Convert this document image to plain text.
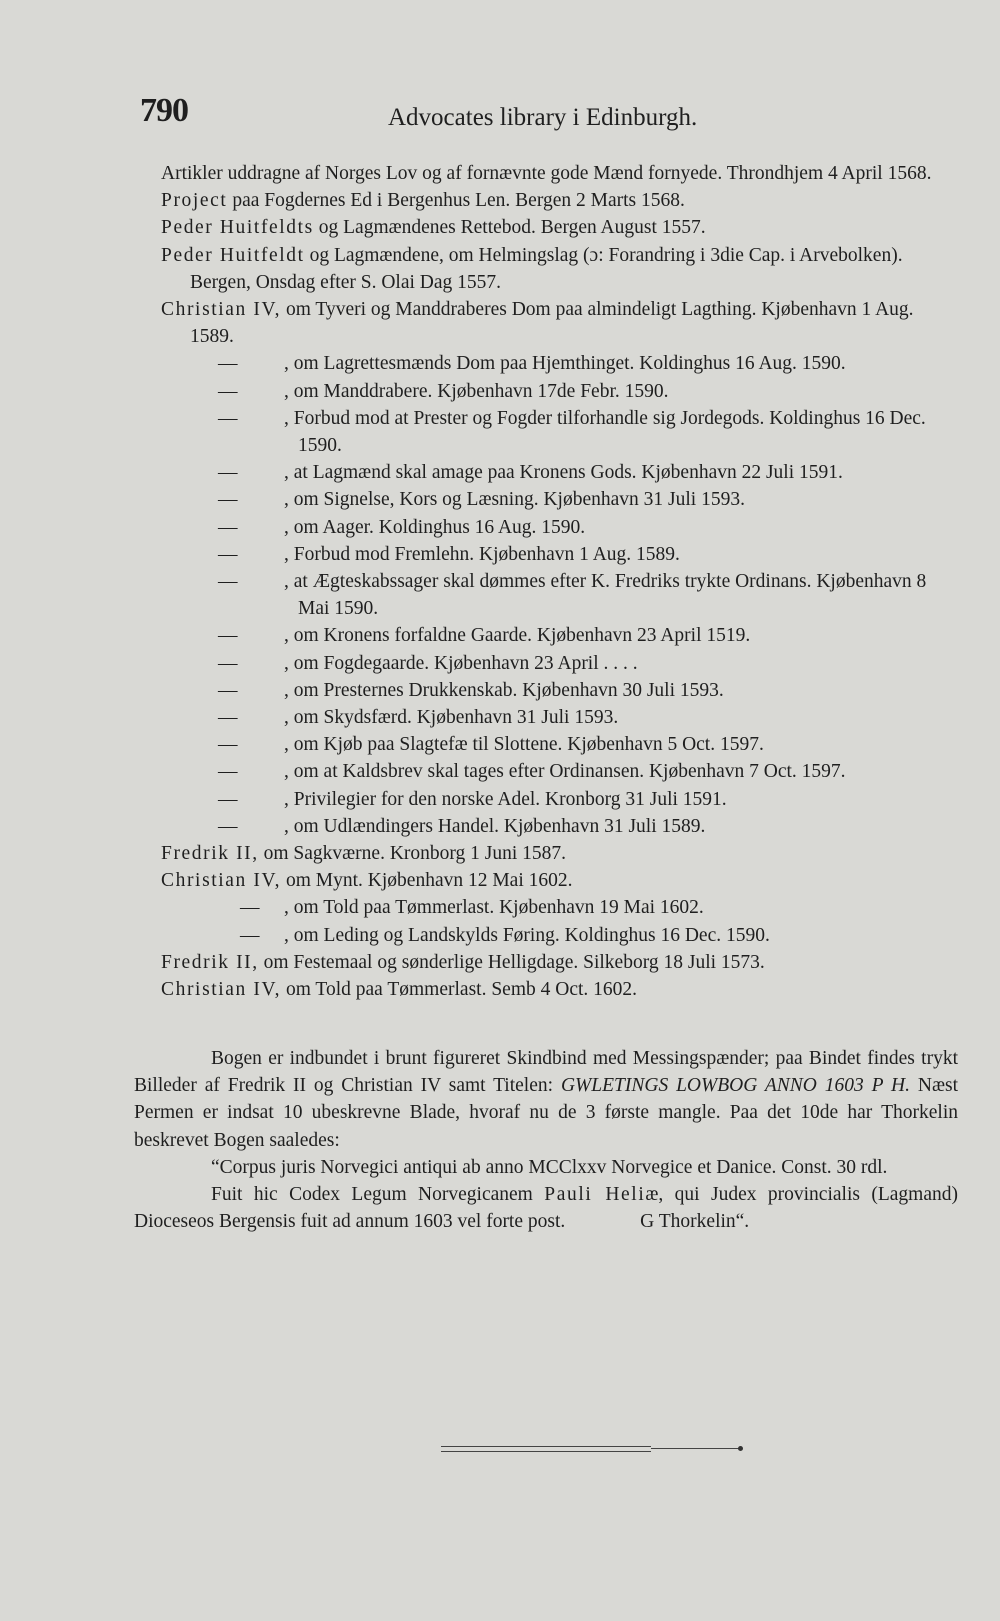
790	Advocates library i Edinburgh.
Artikler uddragne af Norges Lov og af fornævnte gode Mænd fornyede. Throndhjem 4 April 1568.
Project paa Fogdernes Ed i Bergenhus Len. Bergen 2 Marts 1568.
Peder Huitfeldts og Lagmændenes Rettebod. Bergen August 1557.
Peder Huitfeldt og Lagmændene, om Helmingslag (ɔ: Forandring i 3die Cap. i Arvebolken). Bergen, Onsdag efter S. Olai Dag 1557.
Christian IV, om Tyveri og Manddraberes Dom paa almindeligt Lagthing. Kjøbenhavn 1 Aug. 1589.
— , om Lagrettesmænds Dom paa Hjemthinget. Koldinghus 16 Aug. 1590.
— , om Manddrabere. Kjøbenhavn 17de Febr. 1590.
— , Forbud mod at Prester og Fogder tilforhandle sig Jordegods. Koldinghus 16 Dec. 1590.
— , at Lagmænd skal amage paa Kronens Gods. Kjøbenhavn 22 Juli 1591.
— , om Signelse, Kors og Læsning. Kjøbenhavn 31 Juli 1593.
— , om Aager. Koldinghus 16 Aug. 1590.
— , Forbud mod Fremlehn. Kjøbenhavn 1 Aug. 1589.
— , at Ægteskabssager skal dømmes efter K. Fredriks trykte Ordinans. Kjøbenhavn 8 Mai 1590.
— , om Kronens forfaldne Gaarde. Kjøbenhavn 23 April 1519.
— , om Fogdegaarde. Kjøbenhavn 23 April . . . .
— , om Presternes Drukkenskab. Kjøbenhavn 30 Juli 1593.
— , om Skydsfærd. Kjøbenhavn 31 Juli 1593.
— , om Kjøb paa Slagtefæ til Slottene. Kjøbenhavn 5 Oct. 1597.
— , om at Kaldsbrev skal tages efter Ordinansen. Kjøbenhavn 7 Oct. 1597.
— , Privilegier for den norske Adel. Kronborg 31 Juli 1591.
— , om Udlændingers Handel. Kjøbenhavn 31 Juli 1589.
Fredrik II, om Sagkværne. Kronborg 1 Juni 1587.
Christian IV, om Mynt. Kjøbenhavn 12 Mai 1602.
— , om Told paa Tømmerlast. Kjøbenhavn 19 Mai 1602.
— , om Leding og Landskylds Føring. Koldinghus 16 Dec. 1590.
Fredrik II, om Festemaal og sønderlige Helligdage. Silkeborg 18 Juli 1573.
Christian IV, om Told paa Tømmerlast. Semb 4 Oct. 1602.

Bogen er indbundet i brunt figureret Skindbind med Messingspænder; paa Bindet findes trykt Billeder af Fredrik II og Christian IV samt Titelen: GWLETINGS LOWBOG ANNO 1603 P H. Næst Permen er indsat 10 ubeskrevne Blade, hvoraf nu de 3 første mangle. Paa det 10de har Thorkelin beskrevet Bogen saaledes:

“Corpus juris Norvegici antiqui ab anno MCClxxv Norvegice et Danice. Const. 30 rdl.

Fuit hic Codex Legum Norvegicanem Pauli Heliæ, qui Judex provincialis (Lagmand) Dioceseos Bergensis fuit ad annum 1603 vel forte post.	G Thorkelin“.
